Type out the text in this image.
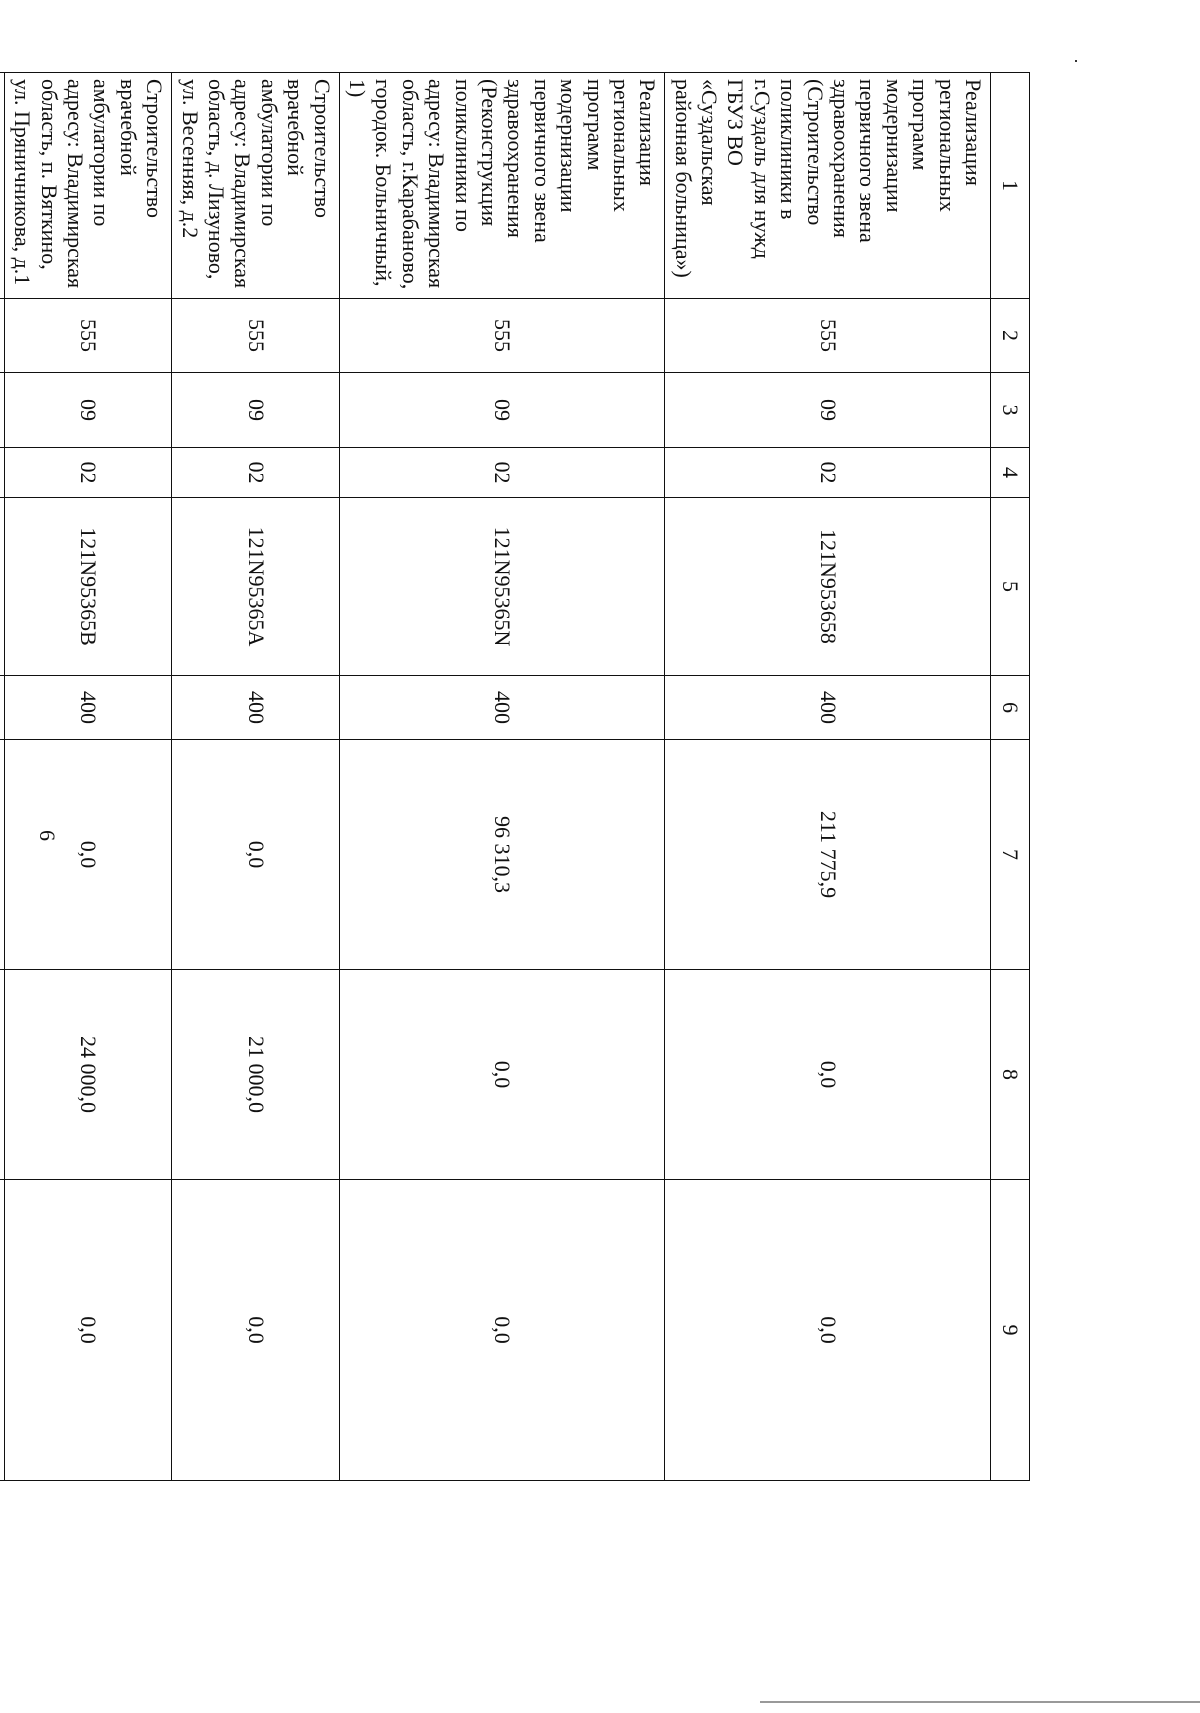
6
1	2	3	4	5	6	7	8	9
Реализация региональных программ модернизации первичного звена здравоохранения (Строительство поликлиники в г.Суздаль для нужд ГБУЗ ВО «Суздальская районная больница»)	555	09	02	121N953658	400	211 775,9	0,0	0,0
Реализация региональных программ модернизации первичного звена здравоохранения (Реконструкция поликлиники по адресу: Владимирская область, г.Карабаново, городок. Больничный, 1)	555	09	02	121N95365N	400	96 310,3	0,0	0,0
Строительство врачебной амбулатории по адресу: Владимирская область, д. Лизуново, ул. Весенняя, д.2	555	09	02	121N95365A	400	0,0	21 000,0	0,0
Строительство врачебной амбулатории по адресу: Владимирская область, п. Вяткино, ул. Пряничникова, д.1	555	09	02	121N95365B	400	0,0	24 000,0	0,0
